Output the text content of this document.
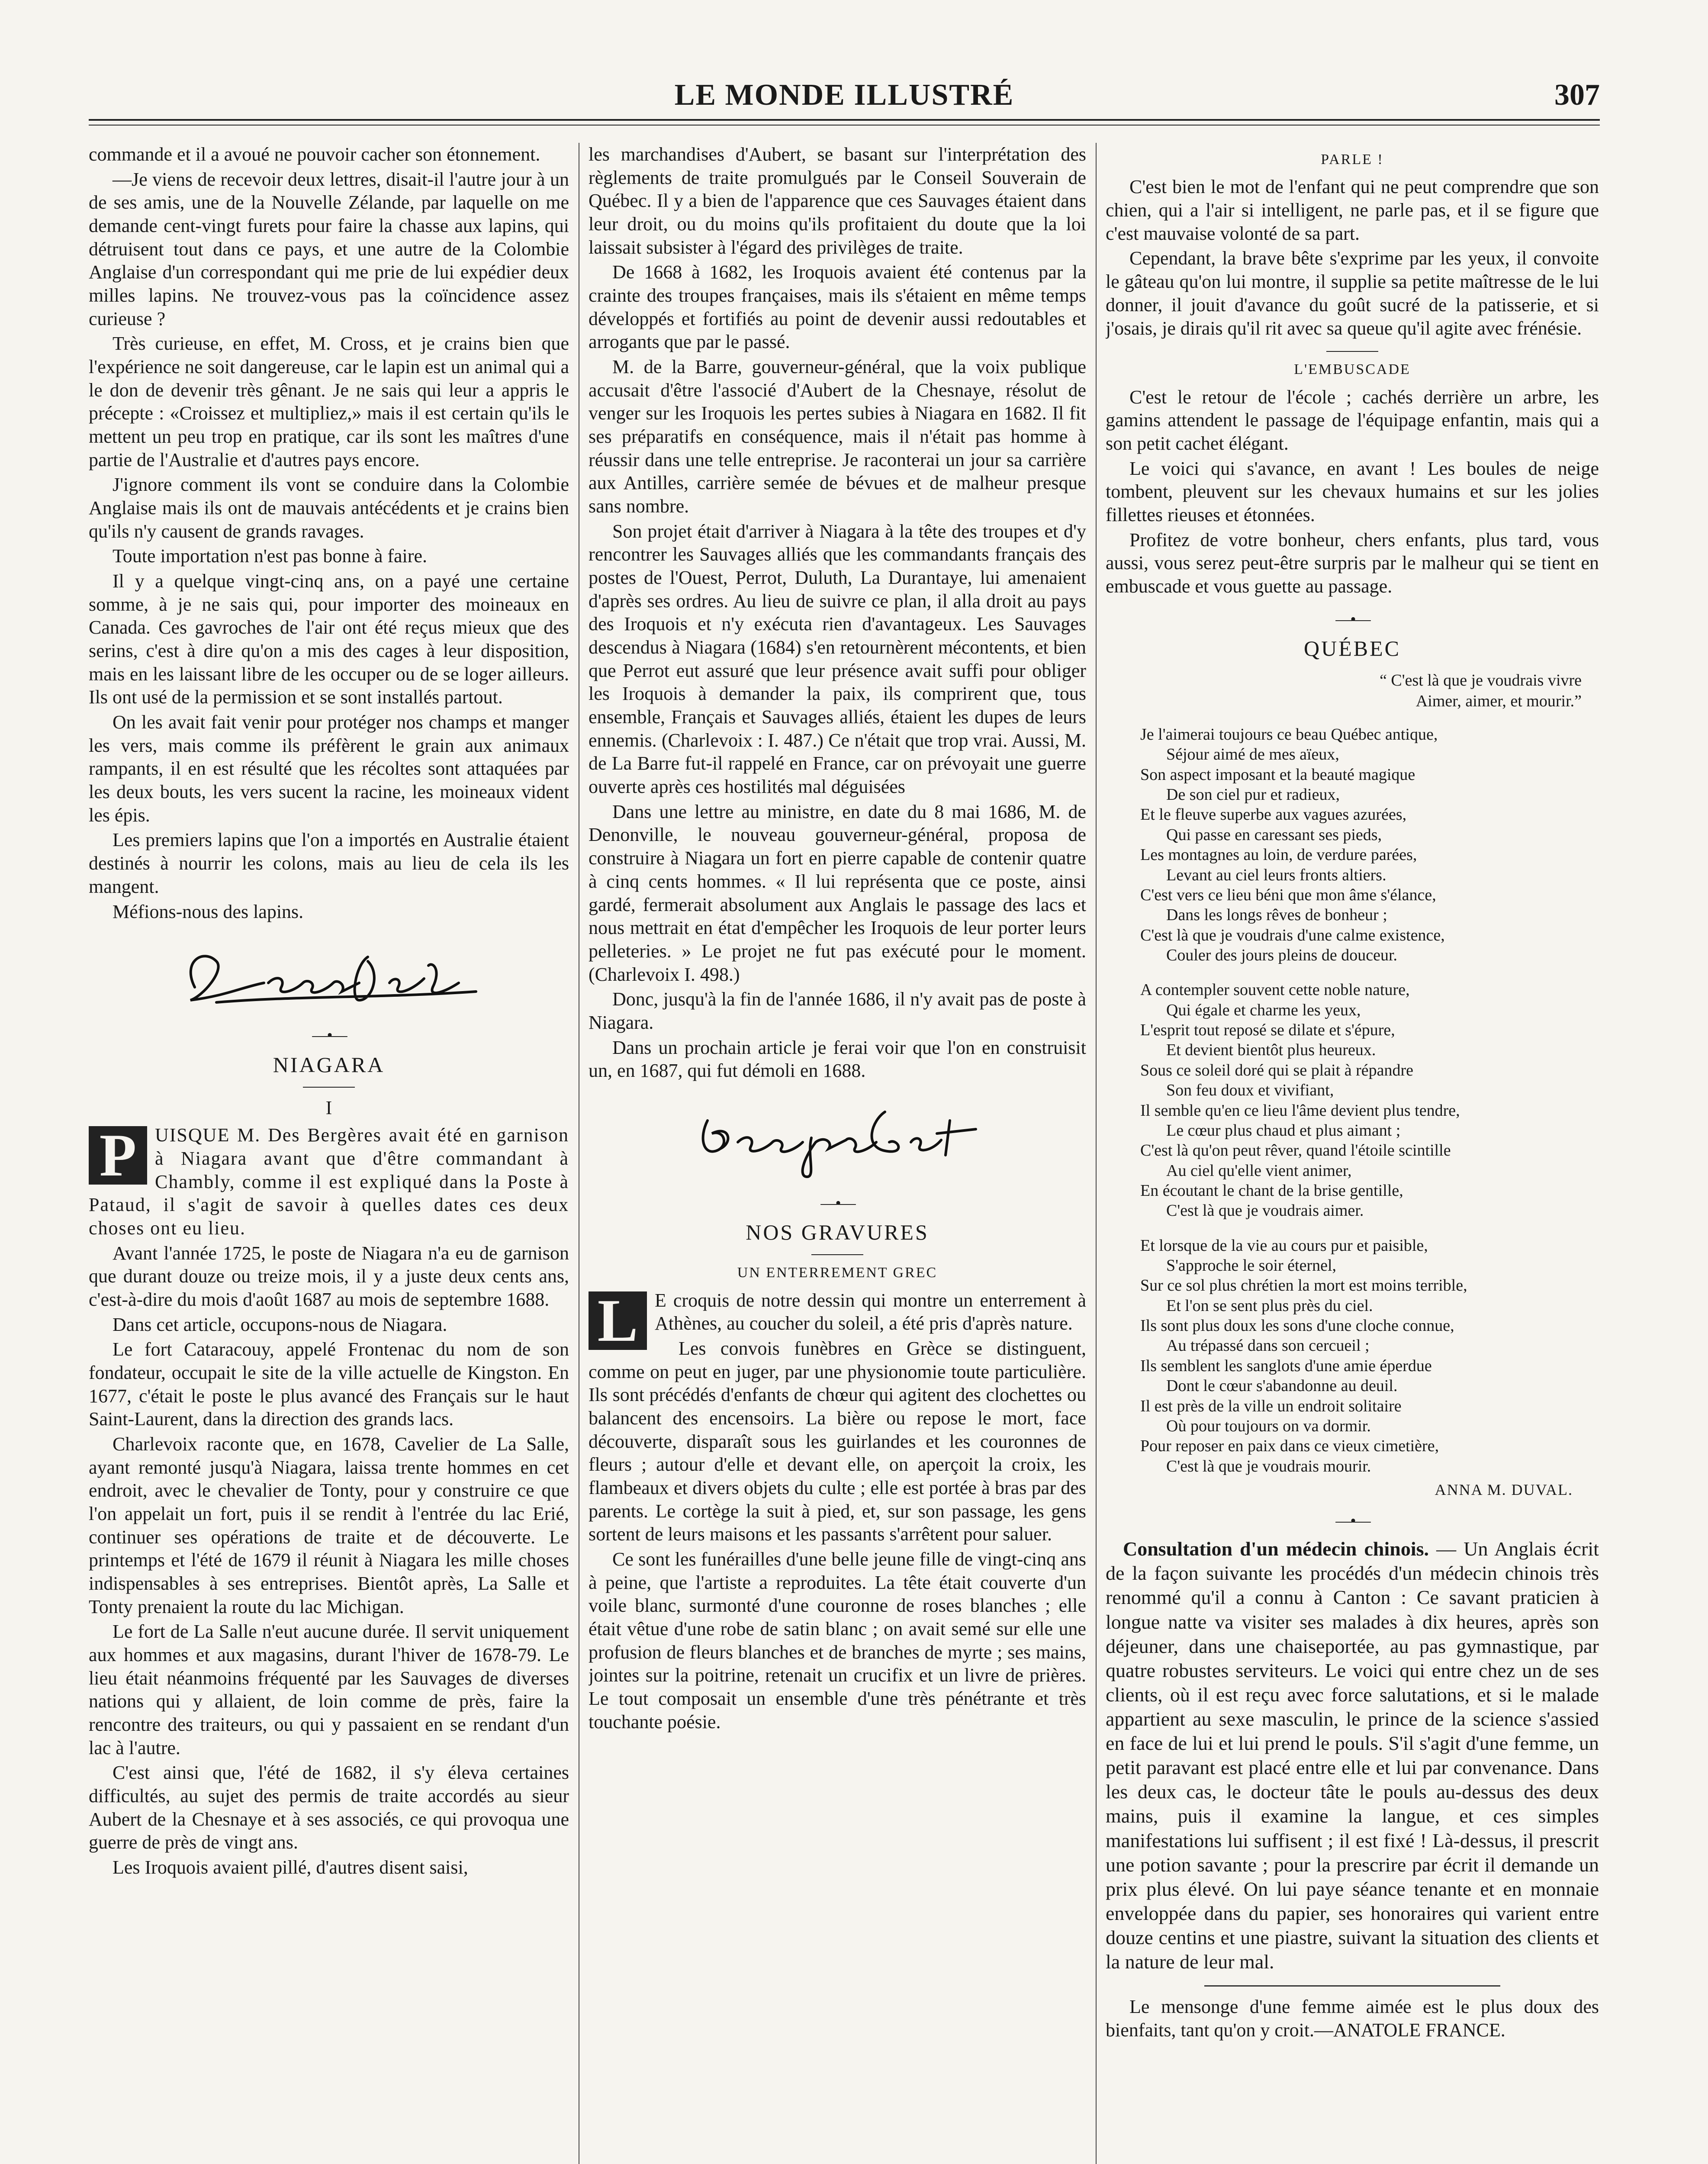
LE MONDE ILLUSTRÉ	307

commande et il a avoué ne pouvoir cacher son étonnement.

—Je viens de recevoir deux lettres, disait-il l'autre jour à un de ses amis, une de la Nouvelle Zélande, par laquelle on me demande cent-vingt furets pour faire la chasse aux lapins, qui détruisent tout dans ce pays, et une autre de la Colombie Anglaise d'un correspondant qui me prie de lui expédier deux milles lapins. Ne trouvez-vous pas la coïncidence assez curieuse ?

Très curieuse, en effet, M. Cross, et je crains bien que l'expérience ne soit dangereuse, car le lapin est un animal qui a le don de devenir très gênant. Je ne sais qui leur a appris le précepte : «Croissez et multipliez,» mais il est certain qu'ils le mettent un peu trop en pratique, car ils sont les maîtres d'une partie de l'Australie et d'autres pays encore.

J'ignore comment ils vont se conduire dans la Colombie Anglaise mais ils ont de mauvais antécédents et je crains bien qu'ils n'y causent de grands ravages.

Toute importation n'est pas bonne à faire.

Il y a quelque vingt-cinq ans, on a payé une certaine somme, à je ne sais qui, pour importer des moineaux en Canada. Ces gavroches de l'air ont été reçus mieux que des serins, c'est à dire qu'on a mis des cages à leur disposition, mais en les laissant libre de les occuper ou de se loger ailleurs. Ils ont usé de la permission et se sont installés partout.

On les avait fait venir pour protéger nos champs et manger les vers, mais comme ils préfèrent le grain aux animaux rampants, il en est résulté que les récoltes sont attaquées par les deux bouts, les vers sucent la racine, les moineaux vident les épis.

Les premiers lapins que l'on a importés en Australie étaient destinés à nourrir les colons, mais au lieu de cela ils les mangent.

Méfions-nous des lapins.

—•—
NIAGARA
I

P UISQUE M. Des Bergères avait été en garnison à Niagara avant que d'être commandant à Chambly, comme il est expliqué dans la Poste à Pataud, il s'agit de savoir à quelles dates ces deux choses ont eu lieu.

Avant l'année 1725, le poste de Niagara n'a eu de garnison que durant douze ou treize mois, il y a juste deux cents ans, c'est-à-dire du mois d'août 1687 au mois de septembre 1688.

Dans cet article, occupons-nous de Niagara.

Le fort Cataracouy, appelé Frontenac du nom de son fondateur, occupait le site de la ville actuelle de Kingston. En 1677, c'était le poste le plus avancé des Français sur le haut Saint-Laurent, dans la direction des grands lacs.

Charlevoix raconte que, en 1678, Cavelier de La Salle, ayant remonté jusqu'à Niagara, laissa trente hommes en cet endroit, avec le chevalier de Tonty, pour y construire ce que l'on appelait un fort, puis il se rendit à l'entrée du lac Erié, continuer ses opérations de traite et de découverte. Le printemps et l'été de 1679 il réunit à Niagara les mille choses indispensables à ses entreprises. Bientôt après, La Salle et Tonty prenaient la route du lac Michigan.

Le fort de La Salle n'eut aucune durée. Il servit uniquement aux hommes et aux magasins, durant l'hiver de 1678-79. Le lieu était néanmoins fréquenté par les Sauvages de diverses nations qui y allaient, de loin comme de près, faire la rencontre des traiteurs, ou qui y passaient en se rendant d'un lac à l'autre.

C'est ainsi que, l'été de 1682, il s'y éleva certaines difficultés, au sujet des permis de traite accordés au sieur Aubert de la Chesnaye et à ses associés, ce qui provoqua une guerre de près de vingt ans.

Les Iroquois avaient pillé, d'autres disent saisi,

les marchandises d'Aubert, se basant sur l'interprétation des règlements de traite promulgués par le Conseil Souverain de Québec. Il y a bien de l'apparence que ces Sauvages étaient dans leur droit, ou du moins qu'ils profitaient du doute que la loi laissait subsister à l'égard des privilèges de traite.

De 1668 à 1682, les Iroquois avaient été contenus par la crainte des troupes françaises, mais ils s'étaient en même temps développés et fortifiés au point de devenir aussi redoutables et arrogants que par le passé.

M. de la Barre, gouverneur-général, que la voix publique accusait d'être l'associé d'Aubert de la Chesnaye, résolut de venger sur les Iroquois les pertes subies à Niagara en 1682. Il fit ses préparatifs en conséquence, mais il n'était pas homme à réussir dans une telle entreprise. Je raconterai un jour sa carrière aux Antilles, carrière semée de bévues et de malheur presque sans nombre.

Son projet était d'arriver à Niagara à la tête des troupes et d'y rencontrer les Sauvages alliés que les commandants français des postes de l'Ouest, Perrot, Duluth, La Durantaye, lui amenaient d'après ses ordres. Au lieu de suivre ce plan, il alla droit au pays des Iroquois et n'y exécuta rien d'avantageux. Les Sauvages descendus à Niagara (1684) s'en retournèrent mécontents, et bien que Perrot eut assuré que leur présence avait suffi pour obliger les Iroquois à demander la paix, ils comprirent que, tous ensemble, Français et Sauvages alliés, étaient les dupes de leurs ennemis. (Charlevoix : I. 487.) Ce n'était que trop vrai. Aussi, M. de La Barre fut-il rappelé en France, car on prévoyait une guerre ouverte après ces hostilités mal déguisées

Dans une lettre au ministre, en date du 8 mai 1686, M. de Denonville, le nouveau gouverneur-général, proposa de construire à Niagara un fort en pierre capable de contenir quatre à cinq cents hommes. « Il lui représenta que ce poste, ainsi gardé, fermerait absolument aux Anglais le passage des lacs et nous mettrait en état d'empêcher les Iroquois de leur porter leurs pelleteries. » Le projet ne fut pas exécuté pour le moment. (Charlevoix I. 498.)

Donc, jusqu'à la fin de l'année 1686, il n'y avait pas de poste à Niagara.

Dans un prochain article je ferai voir que l'on en construisit un, en 1687, qui fut démoli en 1688.

—•—
NOS GRAVURES
UN ENTERREMENT GREC

L E croquis de notre dessin qui montre un enterrement à Athènes, au coucher du soleil, a été pris d'après nature.

Les convois funèbres en Grèce se distinguent, comme on peut en juger, par une physionomie toute particulière. Ils sont précédés d'enfants de chœur qui agitent des clochettes ou balancent des encensoirs. La bière ou repose le mort, face découverte, disparaît sous les guirlandes et les couronnes de fleurs ; autour d'elle et devant elle, on aperçoit la croix, les flambeaux et divers objets du culte ; elle est portée à bras par des parents. Le cortège la suit à pied, et, sur son passage, les gens sortent de leurs maisons et les passants s'arrêtent pour saluer.

Ce sont les funérailles d'une belle jeune fille de vingt-cinq ans à peine, que l'artiste a reproduites. La tête était couverte d'un voile blanc, surmonté d'une couronne de roses blanches ; elle était vêtue d'une robe de satin blanc ; on avait semé sur elle une profusion de fleurs blanches et de branches de myrte ; ses mains, jointes sur la poitrine, retenait un crucifix et un livre de prières. Le tout composait un ensemble d'une très pénétrante et très touchante poésie.

PARLE !

C'est bien le mot de l'enfant qui ne peut comprendre que son chien, qui a l'air si intelligent, ne parle pas, et il se figure que c'est mauvaise volonté de sa part.

Cependant, la brave bête s'exprime par les yeux, il convoite le gâteau qu'on lui montre, il supplie sa petite maîtresse de le lui donner, il jouit d'avance du goût sucré de la patisserie, et si j'osais, je dirais qu'il rit avec sa queue qu'il agite avec frénésie.

L'EMBUSCADE

C'est le retour de l'école ; cachés derrière un arbre, les gamins attendent le passage de l'équipage enfantin, mais qui a son petit cachet élégant.

Le voici qui s'avance, en avant ! Les boules de neige tombent, pleuvent sur les chevaux humains et sur les jolies fillettes rieuses et étonnées.

Profitez de votre bonheur, chers enfants, plus tard, vous aussi, vous serez peut-être surpris par le malheur qui se tient en embuscade et vous guette au passage.

—•—
QUÉBEC
“ C'est là que je voudrais vivre
Aimer, aimer, et mourir.”
Je l'aimerai toujours ce beau Québec antique,
Séjour aimé de mes aïeux,
Son aspect imposant et la beauté magique
De son ciel pur et radieux,
Et le fleuve superbe aux vagues azurées,
Qui passe en caressant ses pieds,
Les montagnes au loin, de verdure parées,
Levant au ciel leurs fronts altiers.
C'est vers ce lieu béni que mon âme s'élance,
Dans les longs rêves de bonheur ;
C'est là que je voudrais d'une calme existence,
Couler des jours pleins de douceur.
A contempler souvent cette noble nature,
Qui égale et charme les yeux,
L'esprit tout reposé se dilate et s'épure,
Et devient bientôt plus heureux.
Sous ce soleil doré qui se plait à répandre
Son feu doux et vivifiant,
Il semble qu'en ce lieu l'âme devient plus tendre,
Le cœur plus chaud et plus aimant ;
C'est là qu'on peut rêver, quand l'étoile scintille
Au ciel qu'elle vient animer,
En écoutant le chant de la brise gentille,
C'est là que je voudrais aimer.
Et lorsque de la vie au cours pur et paisible,
S'approche le soir éternel,
Sur ce sol plus chrétien la mort est moins terrible,
Et l'on se sent plus près du ciel.
Ils sont plus doux les sons d'une cloche connue,
Au trépassé dans son cercueil ;
Ils semblent les sanglots d'une amie éperdue
Dont le cœur s'abandonne au deuil.
Il est près de la ville un endroit solitaire
Où pour toujours on va dormir.
Pour reposer en paix dans ce vieux cimetière,
C'est là que je voudrais mourir.
ANNA M. DUVAL.
—•—

Consultation d'un médecin chinois. — Un Anglais écrit de la façon suivante les procédés d'un médecin chinois très renommé qu'il a connu à Canton : Ce savant praticien à longue natte va visiter ses malades à dix heures, après son déjeuner, dans une chaiseportée, au pas gymnastique, par quatre robustes serviteurs. Le voici qui entre chez un de ses clients, où il est reçu avec force salutations, et si le malade appartient au sexe masculin, le prince de la science s'assied en face de lui et lui prend le pouls. S'il s'agit d'une femme, un petit paravant est placé entre elle et lui par convenance. Dans les deux cas, le docteur tâte le pouls au-dessus des deux mains, puis il examine la langue, et ces simples manifestations lui suffisent ; il est fixé ! Là-dessus, il prescrit une potion savante ; pour la prescrire par écrit il demande un prix plus élevé. On lui paye séance tenante et en monnaie enveloppée dans du papier, ses honoraires qui varient entre douze centins et une piastre, suivant la situation des clients et la nature de leur mal.

Le mensonge d'une femme aimée est le plus doux des bienfaits, tant qu'on y croit.—ANATOLE FRANCE.
